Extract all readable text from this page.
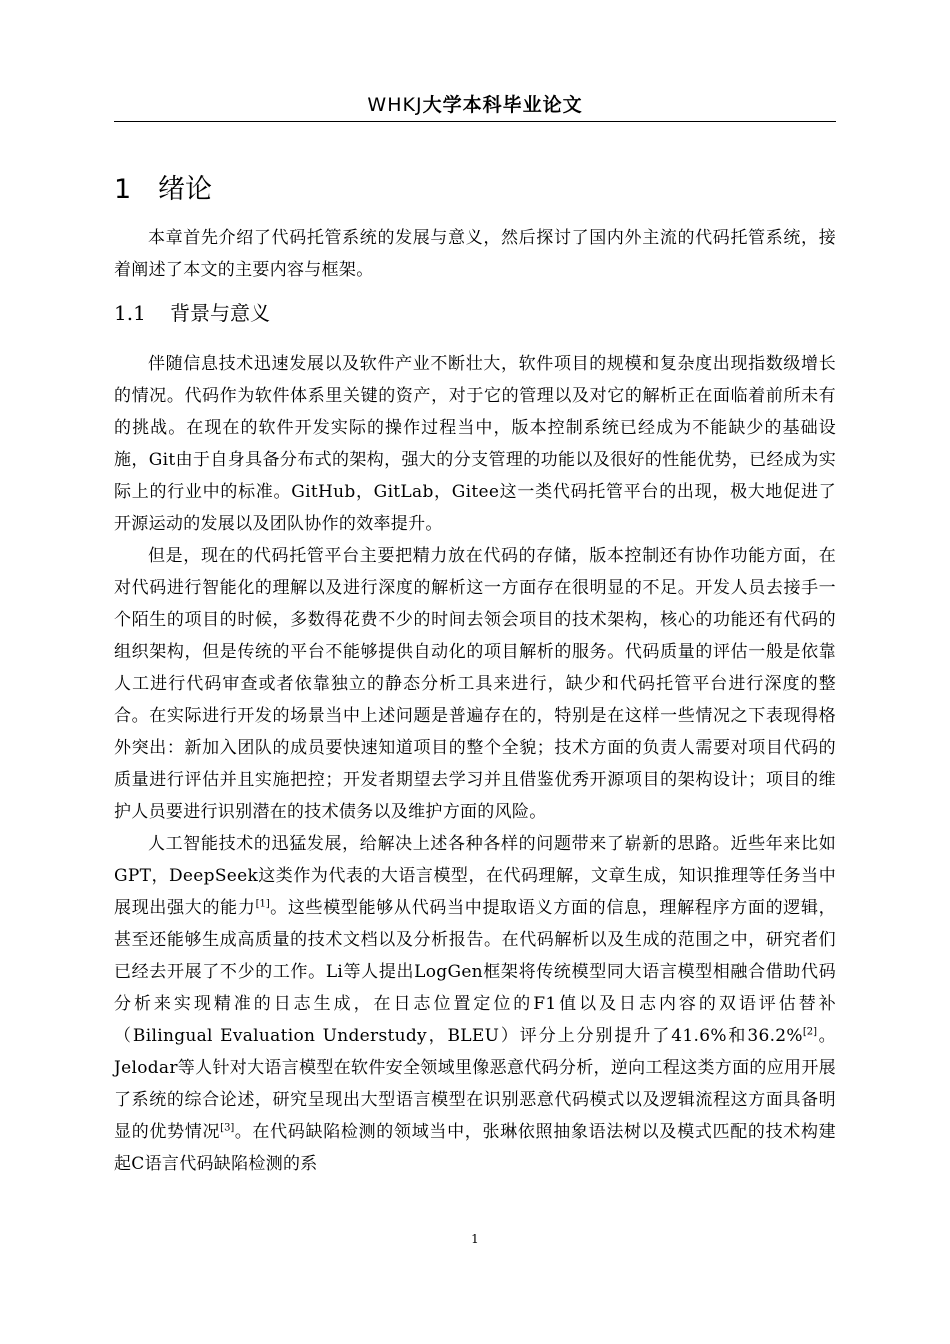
WHKJ大学本科毕业论文
1 绪论

本章首先介绍了代码托管系统的发展与意义，然后探讨了国内外主流的代码托管系统，接着阐述了本文的主要内容与框架。

1.1 背景与意义

伴随信息技术迅速发展以及软件产业不断壮大，软件项目的规模和复杂度出现指数级增长的情况。代码作为软件体系里关键的资产，对于它的管理以及对它的解析正在面临着前所未有的挑战。在现在的软件开发实际的操作过程当中，版本控制系统已经成为不能缺少的基础设施，Git由于自身具备分布式的架构，强大的分支管理的功能以及很好的性能优势，已经成为实际上的行业中的标准。GitHub，GitLab，Gitee这一类代码托管平台的出现，极大地促进了开源运动的发展以及团队协作的效率提升。

但是，现在的代码托管平台主要把精力放在代码的存储，版本控制还有协作功能方面，在对代码进行智能化的理解以及进行深度的解析这一方面存在很明显的不足。开发人员去接手一个陌生的项目的时候，多数得花费不少的时间去领会项目的技术架构，核心的功能还有代码的组织架构，但是传统的平台不能够提供自动化的项目解析的服务。代码质量的评估一般是依靠人工进行代码审查或者依靠独立的静态分析工具来进行，缺少和代码托管平台进行深度的整合。在实际进行开发的场景当中上述问题是普遍存在的，特别是在这样一些情况之下表现得格外突出：新加入团队的成员要快速知道项目的整个全貌；技术方面的负责人需要对项目代码的质量进行评估并且实施把控；开发者期望去学习并且借鉴优秀开源项目的架构设计；项目的维护人员要进行识别潜在的技术债务以及维护方面的风险。

人工智能技术的迅猛发展，给解决上述各种各样的问题带来了崭新的思路。近些年来比如GPT，DeepSeek这类作为代表的大语言模型，在代码理解，文章生成，知识推理等任务当中展现出强大的能力[1]。这些模型能够从代码当中提取语义方面的信息，理解程序方面的逻辑，甚至还能够生成高质量的技术文档以及分析报告。在代码解析以及生成的范围之中，研究者们已经去开展了不少的工作。Li等人提出LogGen框架将传统模型同大语言模型相融合借助代码分析来实现精准的日志生成，在日志位置定位的F1值以及日志内容的双语评估替补（Bilingual Evaluation Understudy，BLEU）评分上分别提升了41.6%和36.2%[2]。Jelodar等人针对大语言模型在软件安全领域里像恶意代码分析，逆向工程这类方面的应用开展了系统的综合论述，研究呈现出大型语言模型在识别恶意代码模式以及逻辑流程这方面具备明显的优势情况[3]。在代码缺陷检测的领域当中，张琳依照抽象语法树以及模式匹配的技术构建起C语言代码缺陷检测的系

1
